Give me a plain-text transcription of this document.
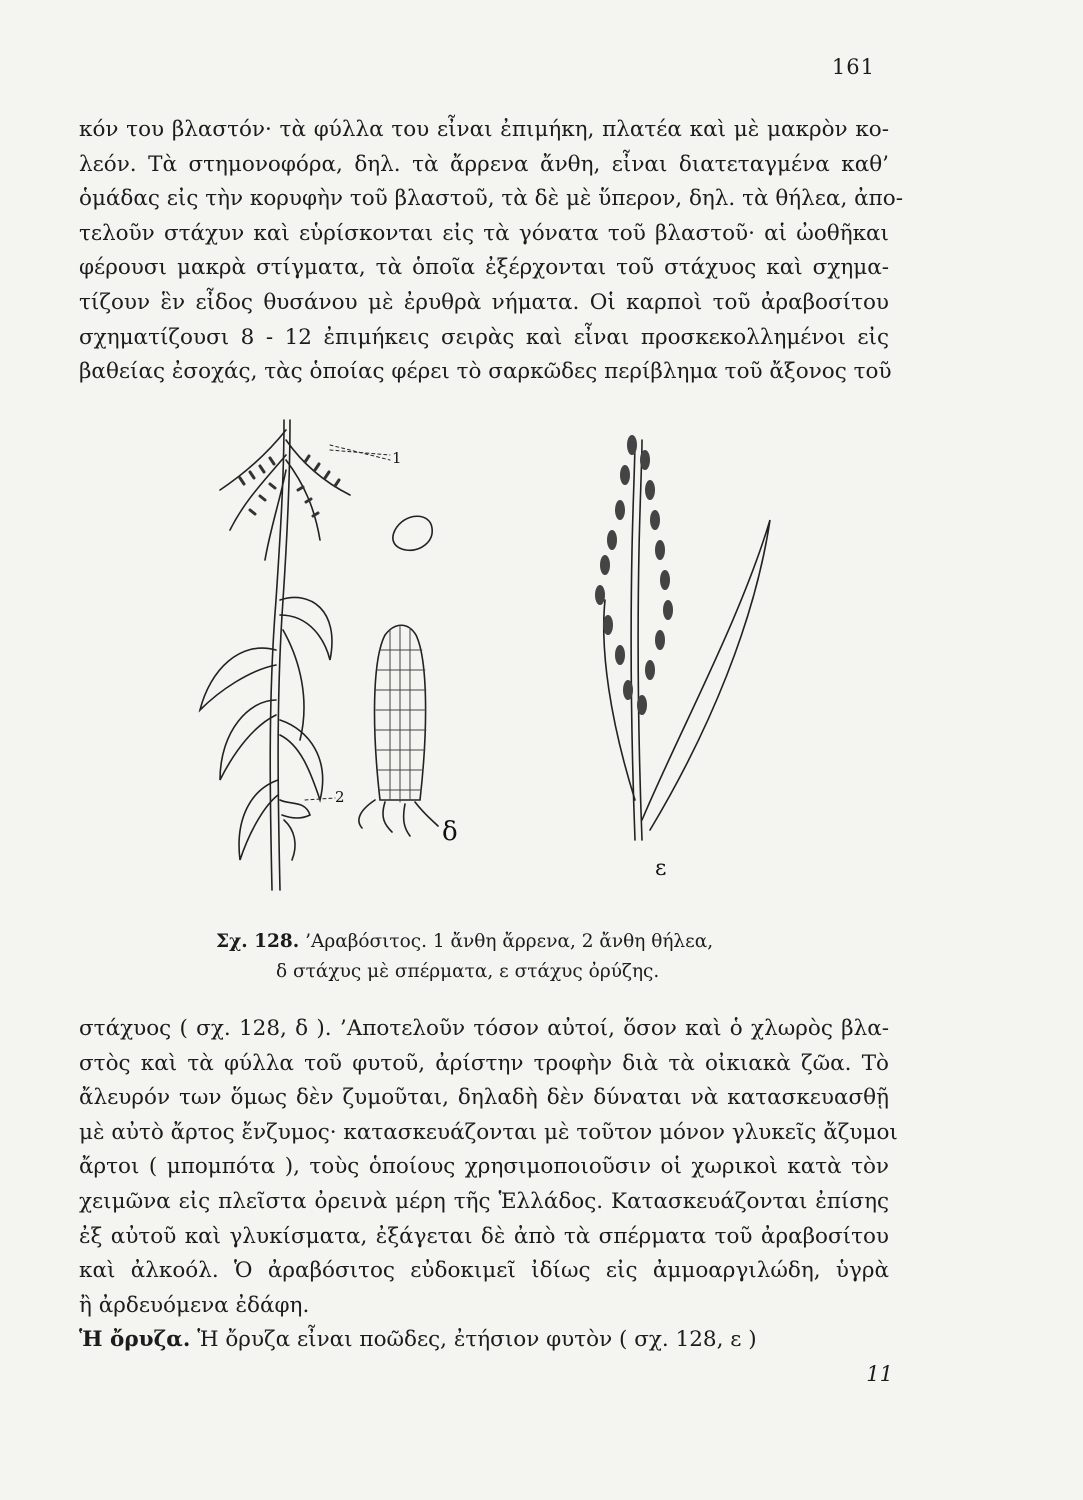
161
κόν του βλαστόν· τὰ φύλλα του εἶναι ἐπιμήκη, πλατέα καὶ μὲ μακρὸν κο-
λεόν. Τὰ στημονοφόρα, δηλ. τὰ ἄρρενα ἄνθη, εἶναι διατεταγμένα καθ’
ὁμάδας εἰς τὴν κορυφὴν τοῦ βλαστοῦ, τὰ δὲ μὲ ὕπερον, δηλ. τὰ θήλεα, ἀπο-
τελοῦν στάχυν καὶ εὑρίσκονται εἰς τὰ γόνατα τοῦ βλαστοῦ· αἱ ὠοθῆκαι
φέρουσι μακρὰ στίγματα, τὰ ὁποῖα ἐξέρχονται τοῦ στάχυος καὶ σχημα-
τίζουν ἓν εἶδος θυσάνου μὲ ἐρυθρὰ νήματα. Οἱ καρποὶ τοῦ ἀραβοσίτου
σχηματίζουσι 8 - 12 ἐπιμήκεις σειρὰς καὶ εἶναι προσκεκολλημένοι εἰς
βαθείας ἐσοχάς, τὰς ὁποίας φέρει τὸ σαρκῶδες περίβλημα τοῦ ἄξονος τοῦ
1
2
δ
ε
Σχ. 128. ’Αραβόσιτος. 1 ἄνθη ἄρρενα, 2 ἄνθη θήλεα,
δ στάχυς μὲ σπέρματα, ε στάχυς ὀρύζης.
στάχυος ( σχ. 128, δ ). ’Αποτελοῦν τόσον αὐτοί, ὅσον καὶ ὁ χλωρὸς βλα-
στὸς καὶ τὰ φύλλα τοῦ φυτοῦ, ἀρίστην τροφὴν διὰ τὰ οἰκιακὰ ζῶα. Τὸ
ἄλευρόν των ὅμως δὲν ζυμοῦται, δηλαδὴ δὲν δύναται νὰ κατασκευασθῇ
μὲ αὐτὸ ἄρτος ἔνζυμος· κατασκευάζονται μὲ τοῦτον μόνον γλυκεῖς ἄζυμοι
ἄρτοι ( μπομπότα ), τοὺς ὁποίους χρησιμοποιοῦσιν οἱ χωρικοὶ κατὰ τὸν
χειμῶνα εἰς πλεῖστα ὀρεινὰ μέρη τῆς Ἑλλάδος. Κατασκευάζονται ἐπίσης
ἐξ αὐτοῦ καὶ γλυκίσματα, ἐξάγεται δὲ ἀπὸ τὰ σπέρματα τοῦ ἀραβοσίτου
καὶ ἀλκοόλ. Ὁ ἀραβόσιτος εὐδοκιμεῖ ἰδίως εἰς ἀμμοαργιλώδη, ὑγρὰ
ἢ ἀρδευόμενα ἐδάφη.
Ἡ ὄρυζα. Ἡ ὄρυζα εἶναι ποῶδες, ἐτήσιον φυτὸν ( σχ. 128, ε )
11
